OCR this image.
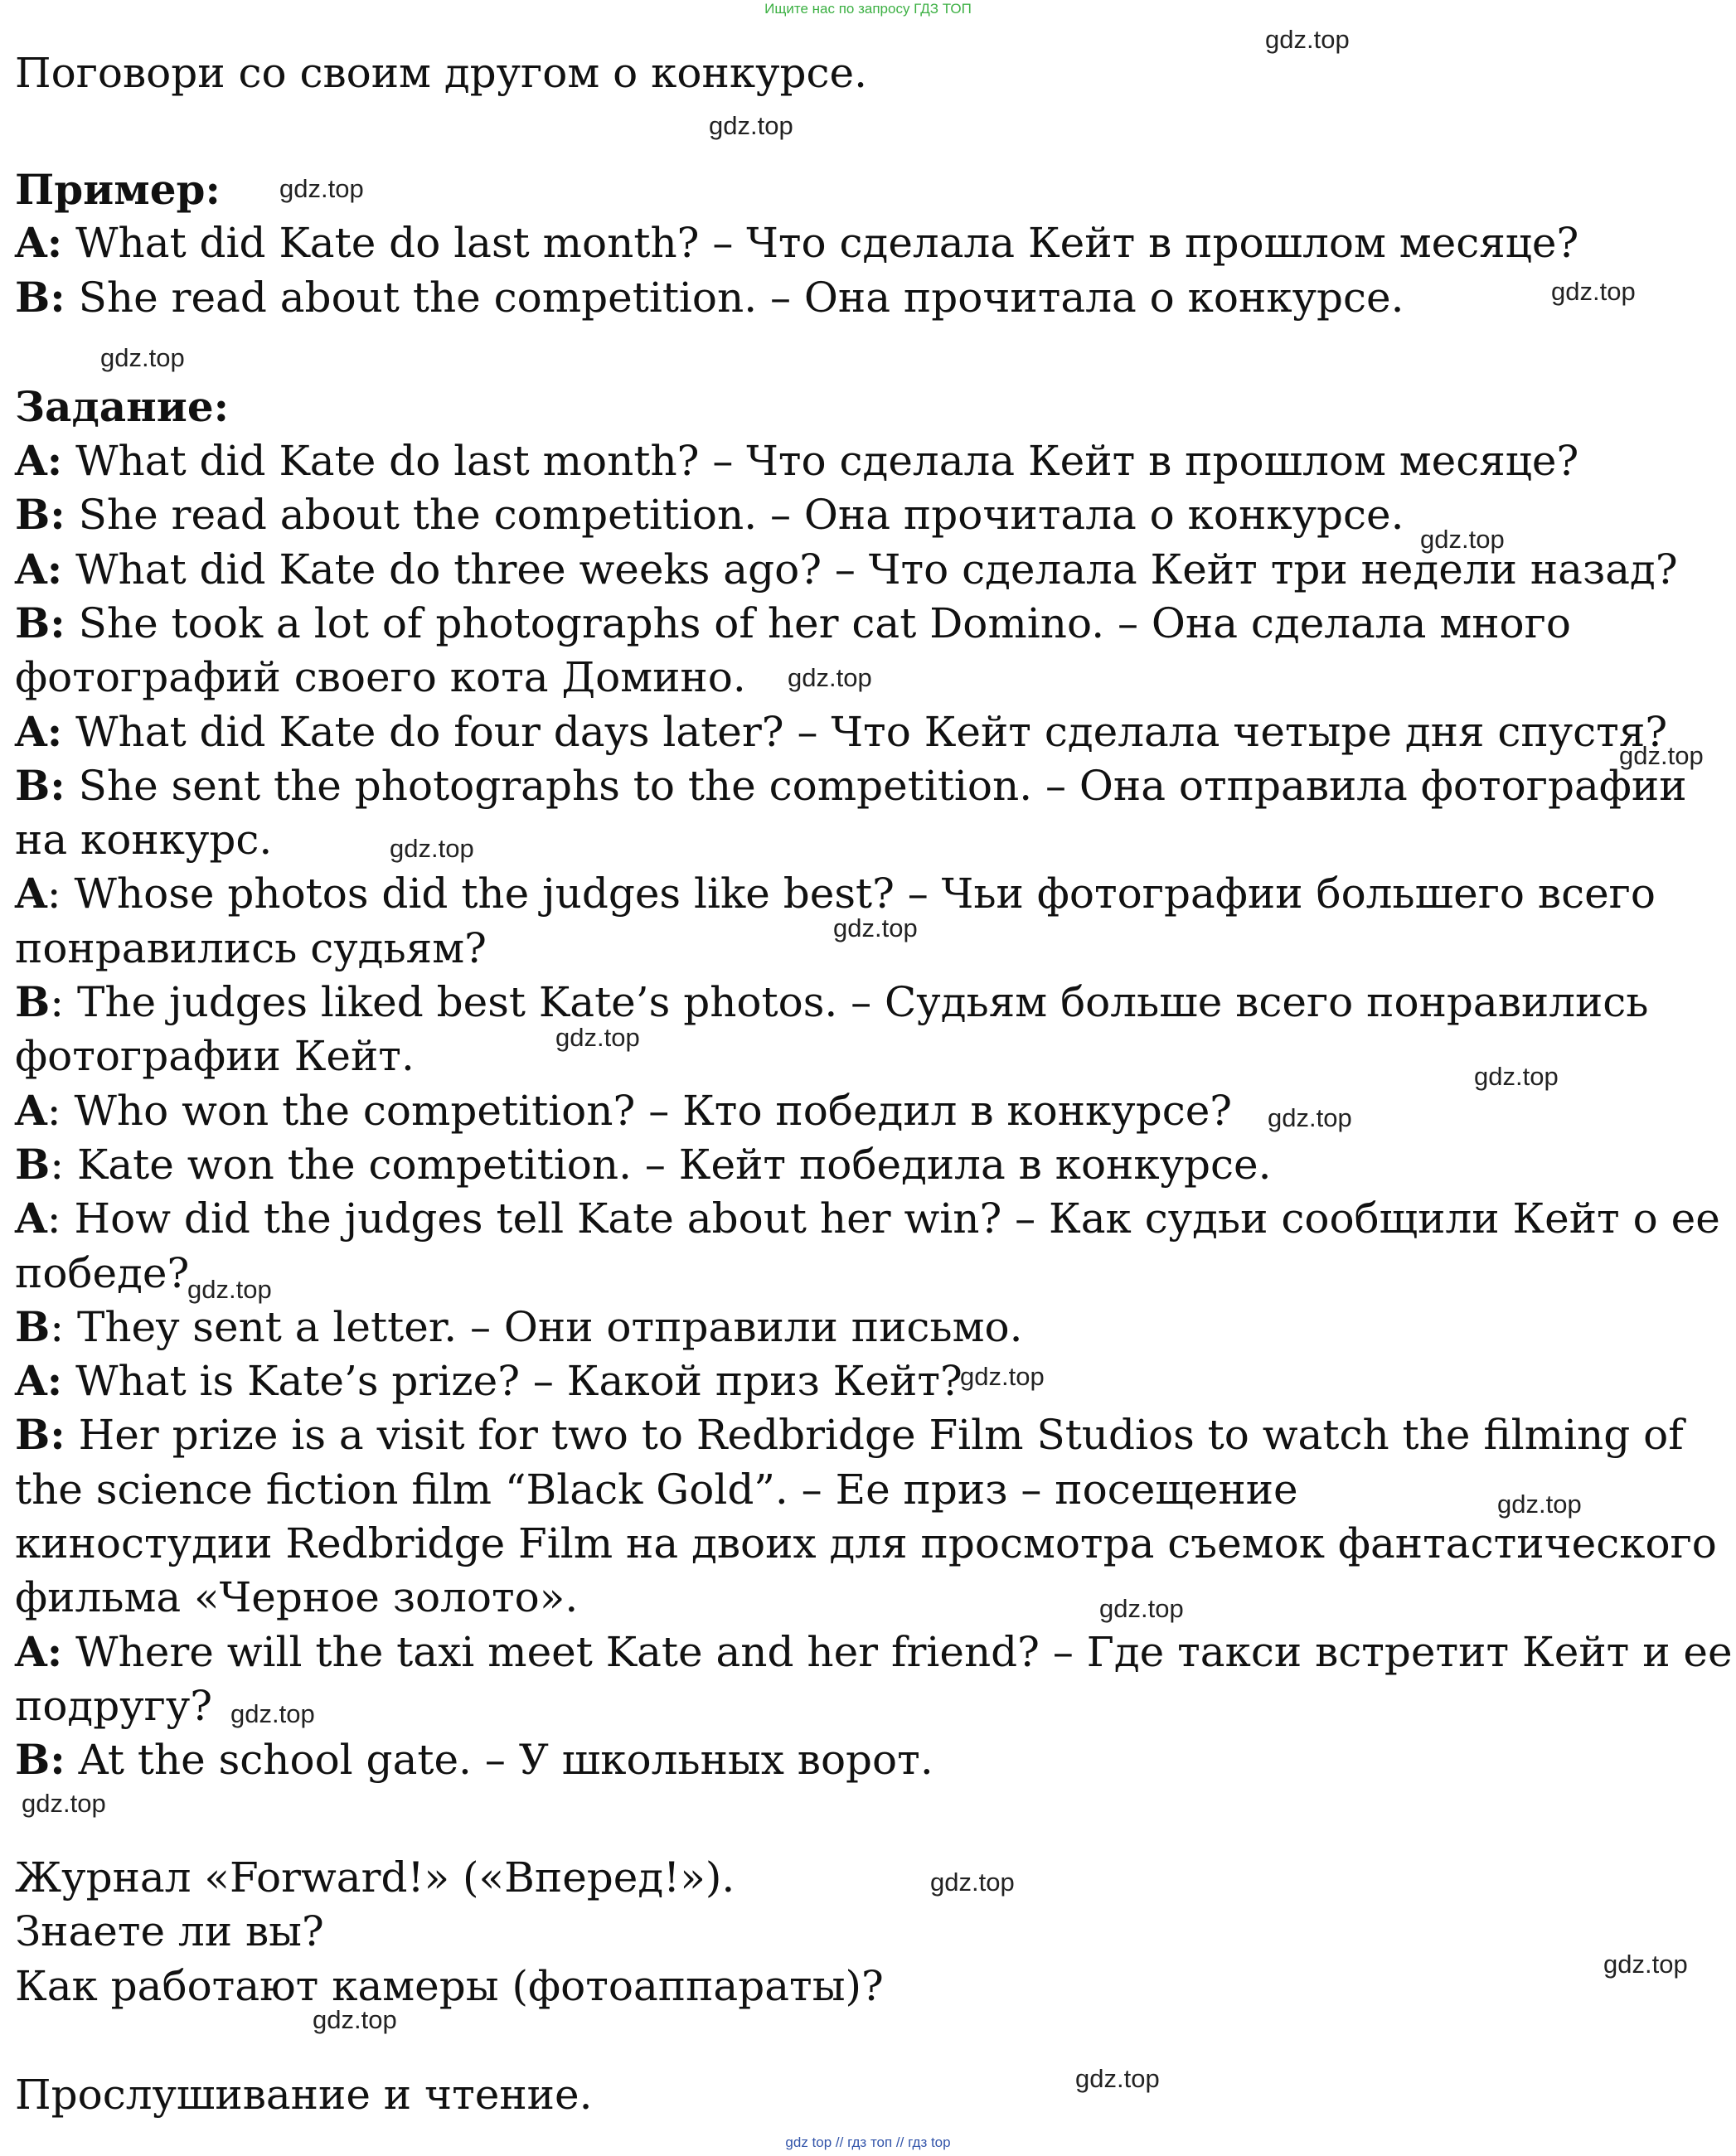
Ищите нас по запросу ГДЗ ТОП

Поговори со своим другом о конкурсе.

Пример:

A: What did Kate do last month? – Что сделала Кейт в прошлом месяце?

B: She read about the competition. – Она прочитала о конкурсе.

Задание:

A: What did Kate do last month? – Что сделала Кейт в прошлом месяце?

B: She read about the competition. – Она прочитала о конкурсе.

A: What did Kate do three weeks ago? – Что сделала Кейт три недели назад?

B: She took a lot of photographs of her cat Domino. – Она сделала много

фотографий своего кота Домино.

A: What did Kate do four days later? – Что Кейт сделала четыре дня спустя?

B: She sent the photographs to the competition. – Она отправила фотографии

на конкурс.

A: Whose photos did the judges like best? – Чьи фотографии большего всего

понравились судьям?

B: The judges liked best Kate’s photos. – Судьям больше всего понравились

фотографии Кейт.

A: Who won the competition? – Кто победил в конкурсе?

B: Kate won the competition. – Кейт победила в конкурсе.

A: How did the judges tell Kate about her win? – Как судьи сообщили Кейт о ее

победе?

B: They sent a letter. – Они отправили письмо.

A: What is Kate’s prize? – Какой приз Кейт?

B: Her prize is a visit for two to Redbridge Film Studios to watch the filming of

the science fiction film “Black Gold”. – Ее приз – посещение

киностудии Redbridge Film на двоих для просмотра съемок фантастического

фильма «Черное золото».

A: Where will the taxi meet Kate and her friend? – Где такси встретит Кейт и ее

подругу?

B: At the school gate. – У школьных ворот.

Журнал «Forward!» («Вперед!»).

Знаете ли вы?

Как работают камеры (фотоаппараты)?

Прослушивание и чтение.

gdz.top
gdz.top
gdz.top
gdz.top
gdz.top
gdz.top
gdz.top
gdz.top
gdz.top
gdz.top
gdz.top
gdz.top
gdz.top
gdz.top
gdz.top
gdz.top
gdz.top
gdz.top
gdz.top
gdz.top
gdz.top
gdz.top
gdz.top
gdz top // гдз топ // гдз top
